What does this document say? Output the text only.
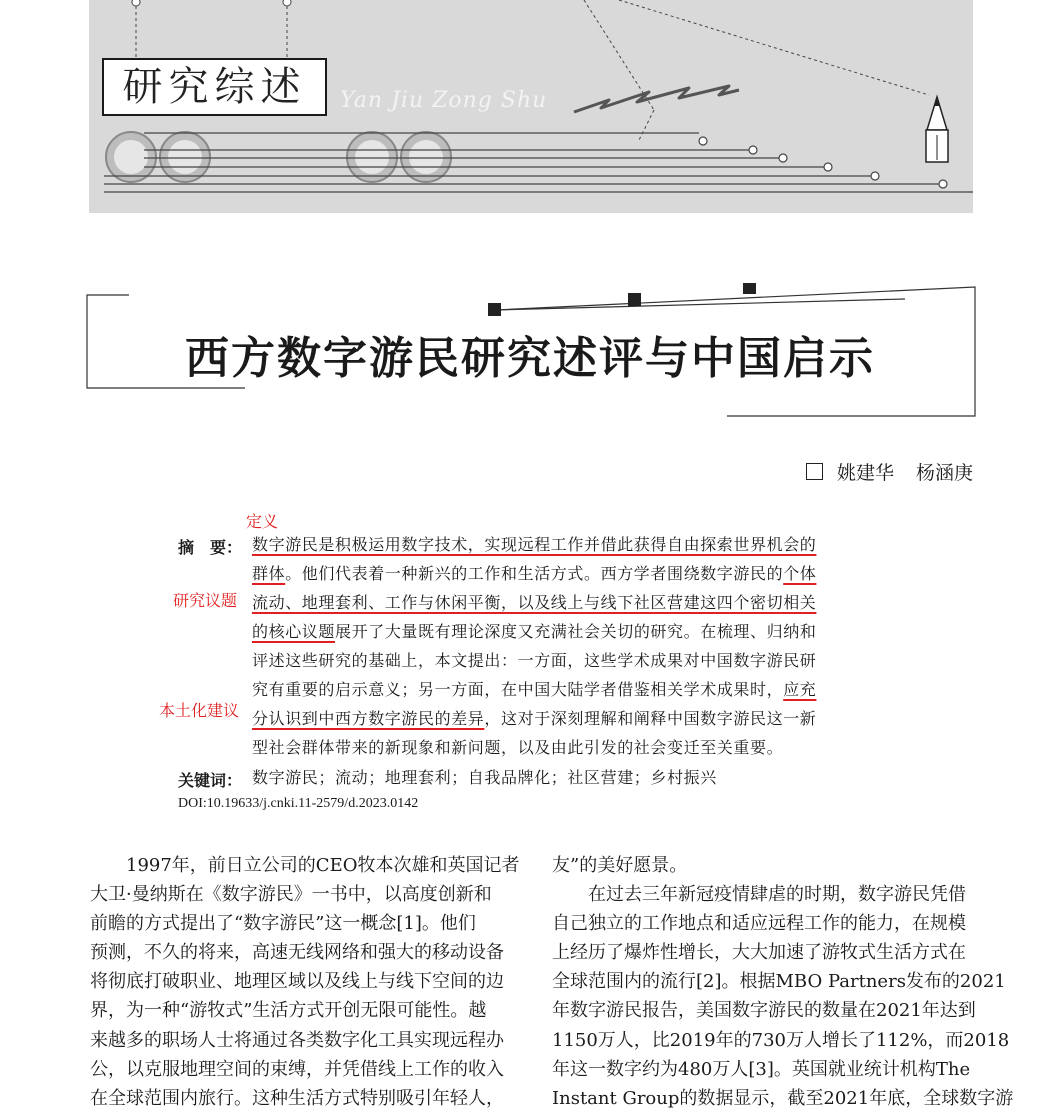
研究综述	Yan Jiu Zong Shu
西方数字游民研究述评与中国启示
姚建华 杨涵庚
定义
研究议题
本土化建议
摘　要： 数字游民是积极运用数字技术，实现远程工作并借此获得自由探索世界机会的
群体。他们代表着一种新兴的工作和生活方式。西方学者围绕数字游民的个体
流动、地理套利、工作与休闲平衡，以及线上与线下社区营建这四个密切相关
的核心议题展开了大量既有理论深度又充满社会关切的研究。在梳理、归纳和
评述这些研究的基础上，本文提出：一方面，这些学术成果对中国数字游民研
究有重要的启示意义；另一方面，在中国大陆学者借鉴相关学术成果时，应充
分认识到中西方数字游民的差异，这对于深刻理解和阐释中国数字游民这一新
型社会群体带来的新现象和新问题，以及由此引发的社会变迁至关重要。
关键词： 数字游民；流动；地理套利；自我品牌化；社区营建；乡村振兴
DOI:10.19633/j.cnki.11-2579/d.2023.0142
1997年，前日立公司的CEO牧本次雄和英国记者
大卫·曼纳斯在《数字游民》一书中，以高度创新和
前瞻的方式提出了“数字游民”这一概念[1]。他们
预测，不久的将来，高速无线网络和强大的移动设备
将彻底打破职业、地理区域以及线上与线下空间的边
界，为一种“游牧式”生活方式开创无限可能性。越
来越多的职场人士将通过各类数字化工具实现远程办
公，以克服地理空间的束缚，并凭借线上工作的收入
在全球范围内旅行。这种生活方式特别吸引年轻人，
友”的美好愿景。
在过去三年新冠疫情肆虐的时期，数字游民凭借
自己独立的工作地点和适应远程工作的能力，在规模
上经历了爆炸性增长，大大加速了游牧式生活方式在
全球范围内的流行[2]。根据MBO Partners发布的2021
年数字游民报告，美国数字游民的数量在2021年达到
1150万人，比2019年的730万人增长了112%，而2018
年这一数字约为480万人[3]。英国就业统计机构The
Instant Group的数据显示，截至2021年底，全球数字游
